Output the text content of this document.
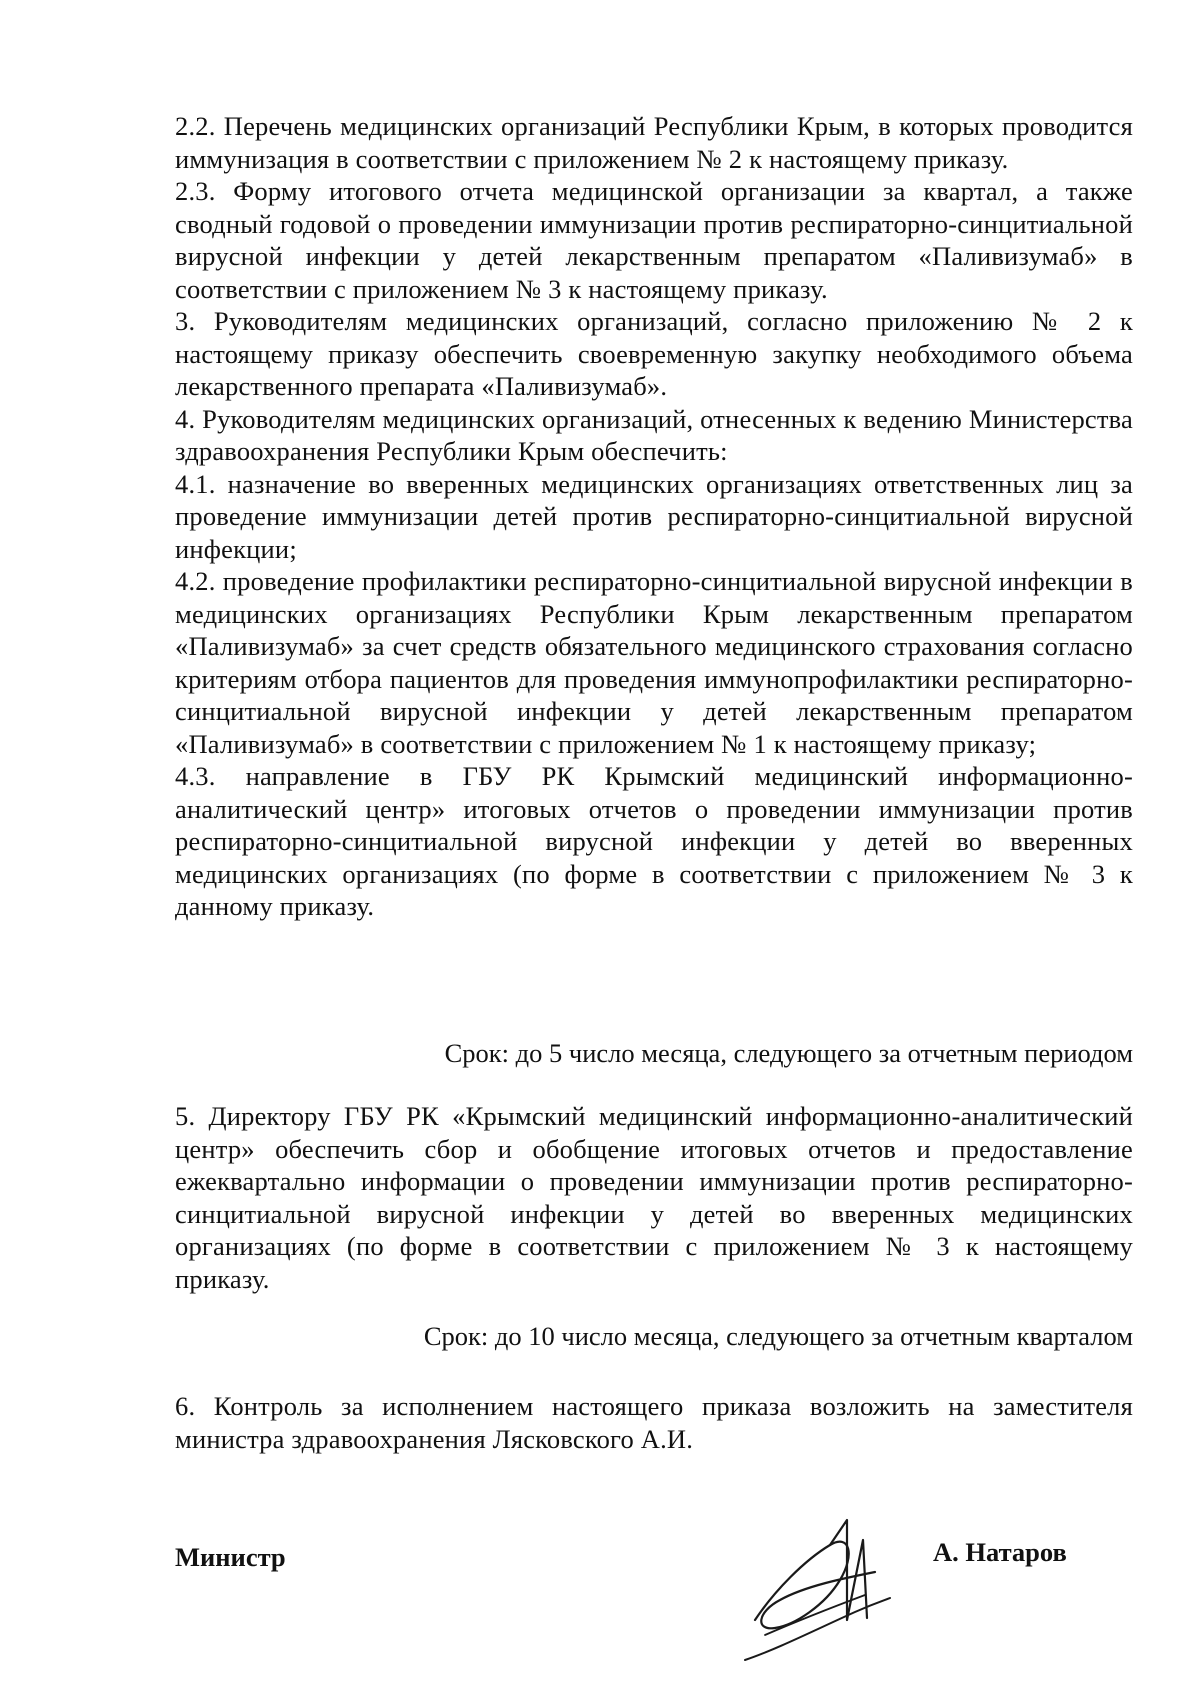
2.2. Перечень медицинских организаций Республики Крым, в которых проводится иммунизация в соответствии с приложением № 2 к настоящему приказу.

2.3. Форму итогового отчета медицинской организации за квартал, а также сводный годовой о проведении иммунизации против респираторно-синцитиальной вирусной инфекции у детей лекарственным препаратом «Паливизумаб» в соответствии с приложением № 3 к настоящему приказу.

3. Руководителям медицинских организаций, согласно приложению № 2 к настоящему приказу обеспечить своевременную закупку необходимого объема лекарственного препарата «Паливизумаб».

4. Руководителям медицинских организаций, отнесенных к ведению Министерства здравоохранения Республики Крым обеспечить:

4.1. назначение во вверенных медицинских организациях ответственных лиц за проведение иммунизации детей против респираторно-синцитиальной вирусной инфекции;

4.2. проведение профилактики респираторно-синцитиальной вирусной инфекции в медицинских организациях Республики Крым лекарственным препаратом «Паливизумаб» за счет средств обязательного медицинского страхования согласно критериям отбора пациентов для проведения иммунопрофилактики респираторно-синцитиальной вирусной инфекции у детей лекарственным препаратом «Паливизумаб» в соответствии с приложением № 1 к настоящему приказу;

4.3. направление в ГБУ РК Крымский медицинский информационно-аналитический центр» итоговых отчетов о проведении иммунизации против респираторно-синцитиальной вирусной инфекции у детей во вверенных медицинских организациях (по форме в соответствии с приложением № 3 к данному приказу.

Срок: до 5 число месяца, следующего за отчетным периодом

5. Директору ГБУ РК «Крымский медицинский информационно-аналитический центр» обеспечить сбор и обобщение итоговых отчетов и предоставление ежеквартально информации о проведении иммунизации против респираторно-синцитиальной вирусной инфекции у детей во вверенных медицинских организациях (по форме в соответствии с приложением № 3 к настоящему приказу.

Срок: до 10 число месяца, следующего за отчетным кварталом

6. Контроль за исполнением настоящего приказа возложить на заместителя министра здравоохранения Лясковского А.И.

Министр	А. Натаров
